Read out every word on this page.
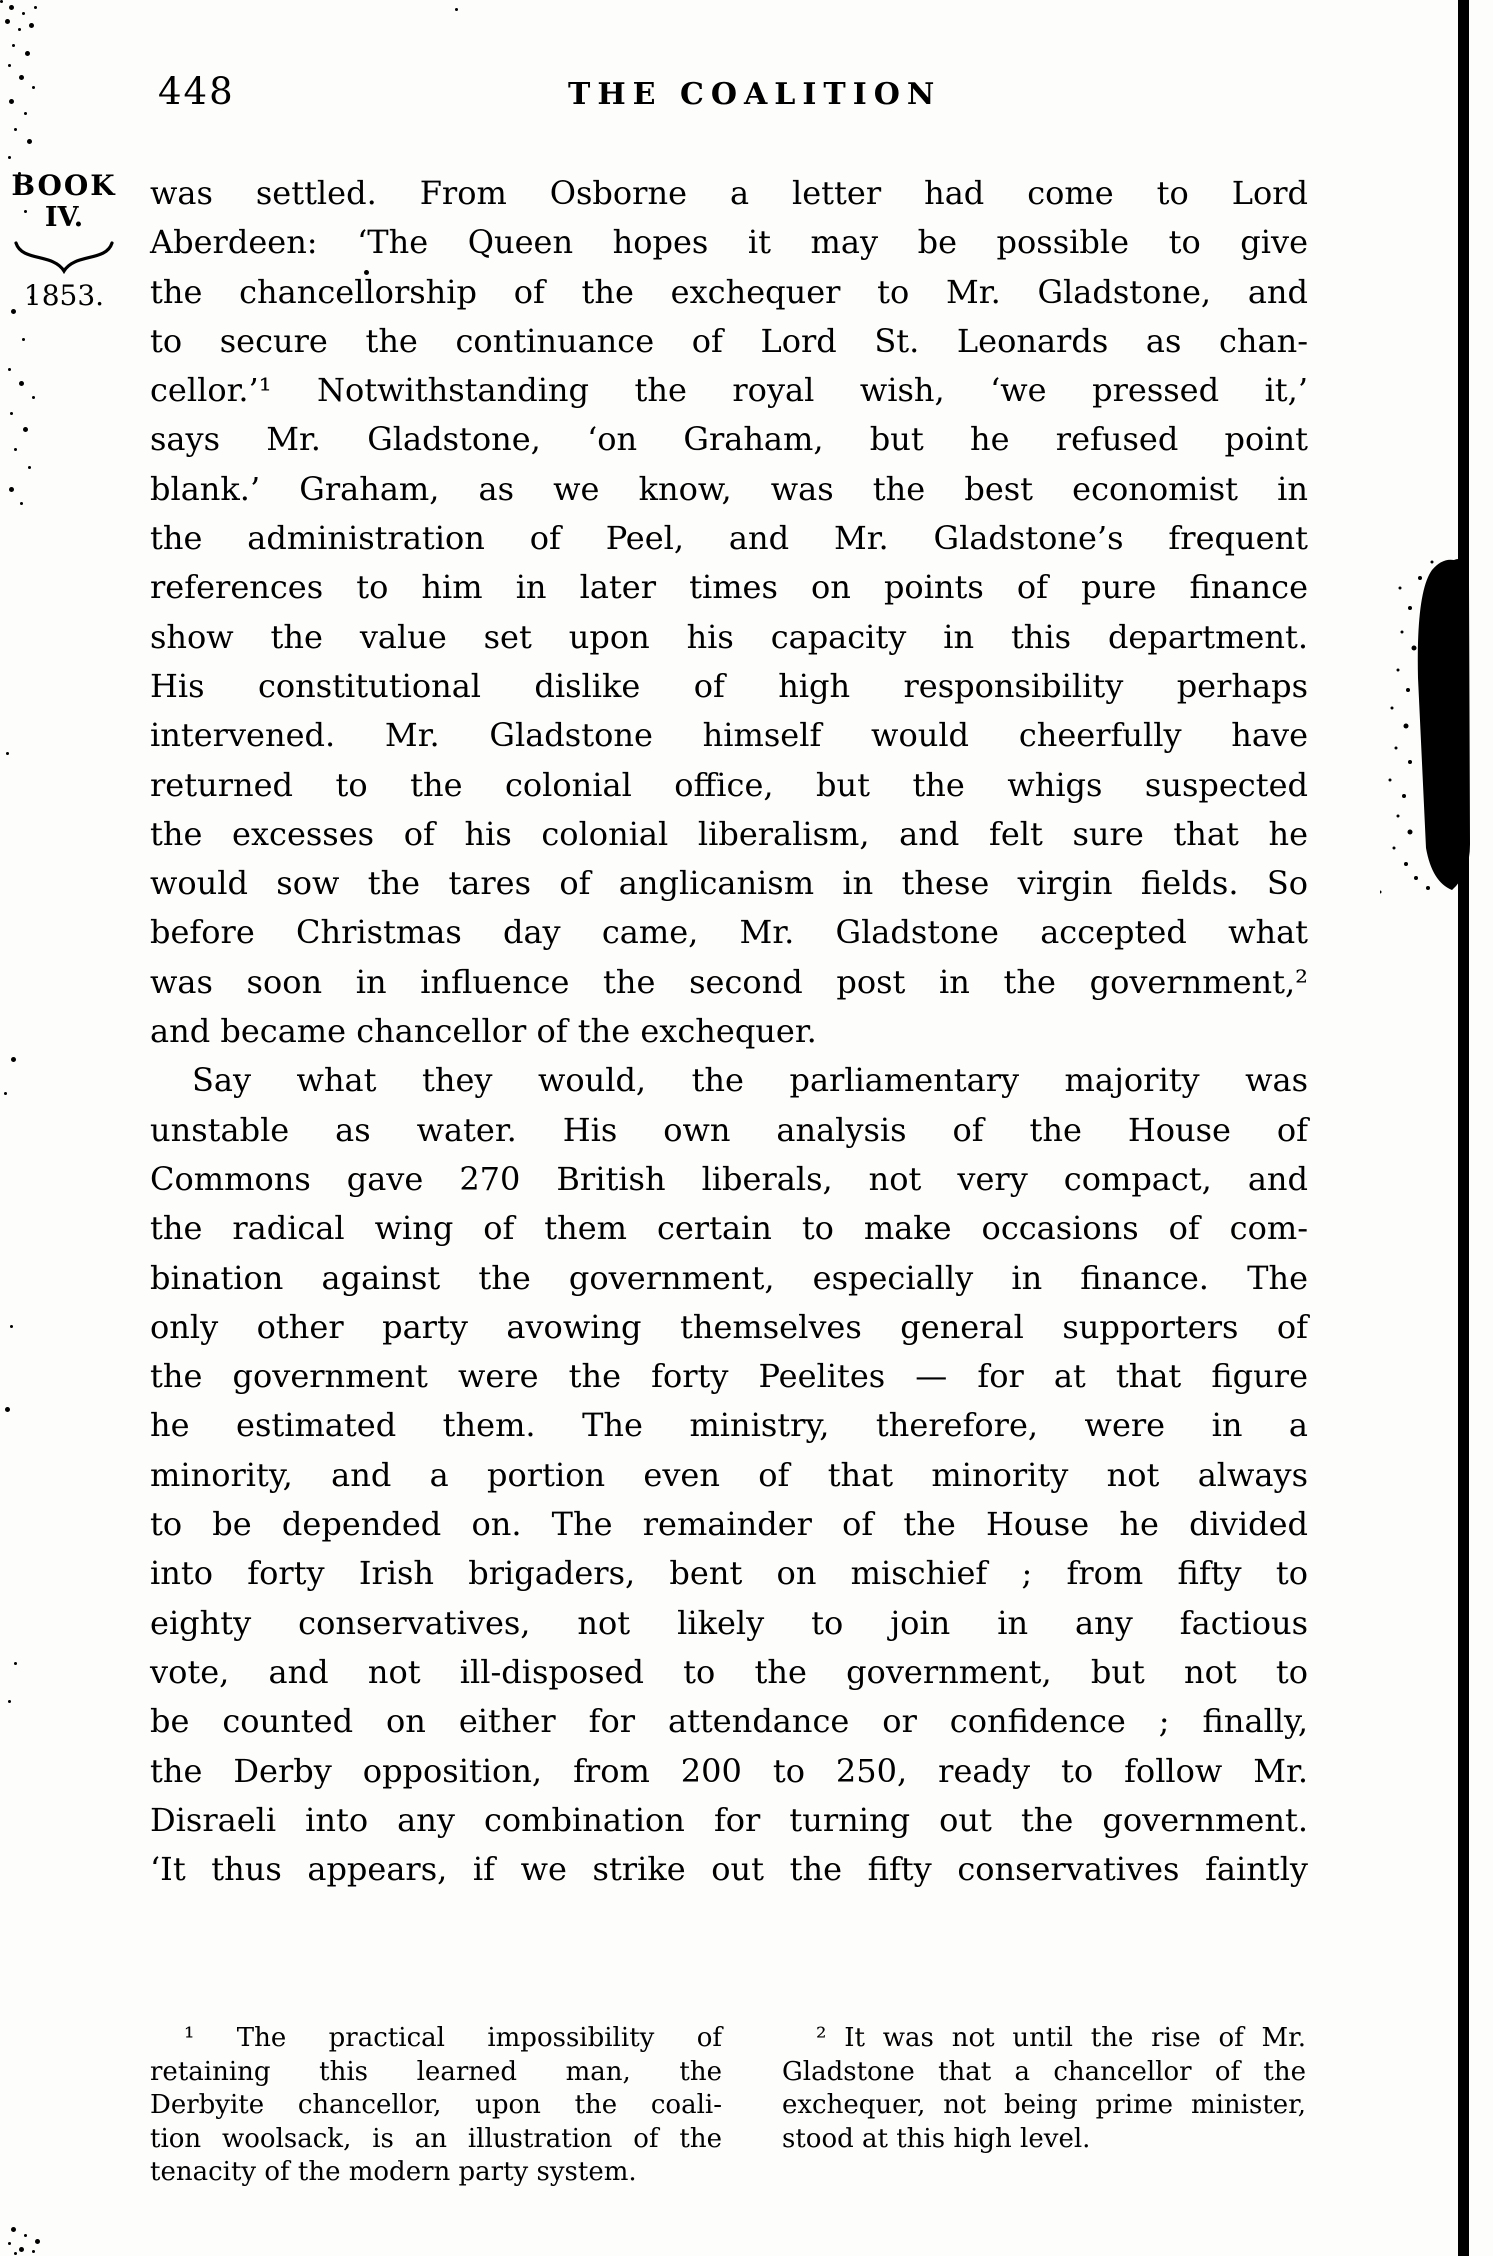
448	THE COALITION
BOOK
IV.
1853.
was settled. From Osborne a letter had come to Lord
Aberdeen: ‘The Queen hopes it may be possible to give
the chancellorship of the exchequer to Mr. Gladstone, and
to secure the continuance of Lord St. Leonards as chan-
cellor.’¹ Notwithstanding the royal wish, ‘we pressed it,’
says Mr. Gladstone, ‘on Graham, but he refused point
blank.’ Graham, as we know, was the best economist in
the administration of Peel, and Mr. Gladstone’s frequent
references to him in later times on points of pure finance
show the value set upon his capacity in this department.
His constitutional dislike of high responsibility perhaps
intervened. Mr. Gladstone himself would cheerfully have
returned to the colonial office, but the whigs suspected
the excesses of his colonial liberalism, and felt sure that he
would sow the tares of anglicanism in these virgin fields. So
before Christmas day came, Mr. Gladstone accepted what
was soon in influence the second post in the government,²
and became chancellor of the exchequer.
Say what they would, the parliamentary majority was
unstable as water. His own analysis of the House of
Commons gave 270 British liberals, not very compact, and
the radical wing of them certain to make occasions of com-
bination against the government, especially in finance. The
only other party avowing themselves general supporters of
the government were the forty Peelites — for at that figure
he estimated them. The ministry, therefore, were in a
minority, and a portion even of that minority not always
to be depended on. The remainder of the House he divided
into forty Irish brigaders, bent on mischief ; from fifty to
eighty conservatives, not likely to join in any factious
vote, and not ill-disposed to the government, but not to
be counted on either for attendance or confidence ; finally,
the Derby opposition, from 200 to 250, ready to follow Mr.
Disraeli into any combination for turning out the government.
‘It thus appears, if we strike out the fifty conservatives faintly
¹ The practical impossibility of
retaining this learned man, the
Derbyite chancellor, upon the coali-
tion woolsack, is an illustration of the
tenacity of the modern party system.
² It was not until the rise of Mr.
Gladstone that a chancellor of the
exchequer, not being prime minister,
stood at this high level.
